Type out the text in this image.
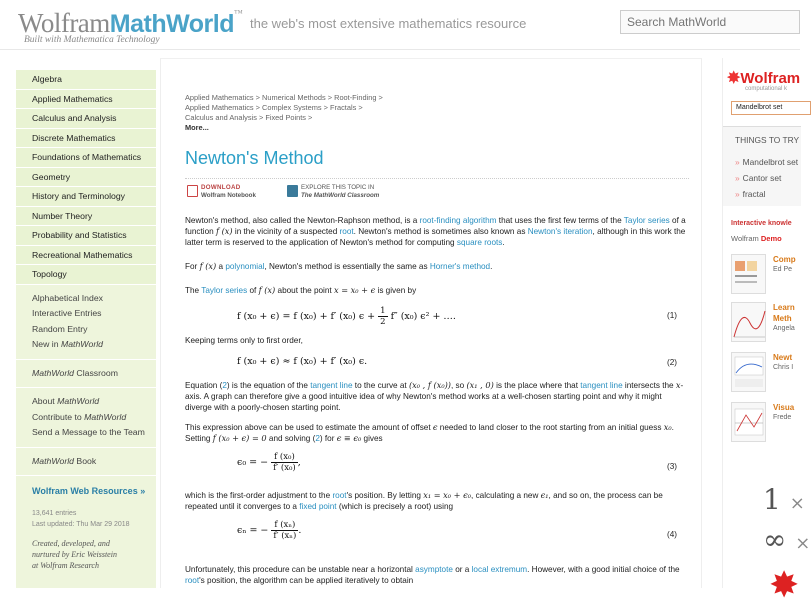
WolframMathWorld™
Built with Mathematica Technology
the web's most extensive mathematics resource
Search MathWorld
Algebra
Applied Mathematics
Calculus and Analysis
Discrete Mathematics
Foundations of Mathematics
Geometry
History and Terminology
Number Theory
Probability and Statistics
Recreational Mathematics
Topology
Alphabetical Index
Interactive Entries
Random Entry
New in MathWorld
MathWorld Classroom
About MathWorld
Contribute to MathWorld
Send a Message to the Team
MathWorld Book
Wolfram Web Resources »
13,641 entries
Last updated: Thu Mar 29 2018
Created, developed, and
nurtured by Eric Weisstein
at Wolfram Research
Applied Mathematics > Numerical Methods > Root-Finding >
Applied Mathematics > Complex Systems > Fractals >
Calculus and Analysis > Fixed Points >
More...
Newton's Method
DOWNLOAD
Wolfram Notebook
EXPLORE THIS TOPIC IN
The MathWorld Classroom
Newton's method, also called the Newton-Raphson method, is a root-finding algorithm that uses the first few terms of the Taylor series of a function f (x) in the vicinity of a suspected root. Newton's method is sometimes also known as Newton's iteration, although in this work the latter term is reserved to the application of Newton's method for computing square roots.
For f (x) a polynomial, Newton's method is essentially the same as Horner's method.
The Taylor series of f (x) about the point x = x₀ + ϵ is given by
f (x₀ + ϵ) = f (x₀) + f′ (x₀) $\epsilon + \frac{1}{2} f''$ (x₀) ϵ² + ….	(1)
Keeping terms only to first order,
f (x₀ + ϵ) ≈ f (x₀) + f′ (x₀) ϵ.	(2)
Equation (2) is the equation of the tangent line to the curve at (x₀ , f (x₀)), so (x₁ , 0) is the place where that tangent line intersects the x-axis. A graph can therefore give a good intuitive idea of why Newton's method works at a well-chosen starting point and why it might diverge with a poorly-chosen starting point.
This expression above can be used to estimate the amount of offset ϵ needed to land closer to the root starting from an initial guess x₀. Setting f (x₀ + ϵ) = 0 and solving (2) for ϵ ≡ ϵ₀ gives
ϵ₀ = − $\frac{\text{f (x₀)}}{\text{f′ (x₀)}}$ ,	(3)
which is the first-order adjustment to the root's position. By letting x₁ = x₀ + ϵ₀, calculating a new ϵ₁, and so on, the process can be repeated until it converges to a fixed point (which is precisely a root) using
ϵₙ = − $\frac{\text{f (xₙ)}}{\text{f′ (xₙ)}}$ .	(4)
Unfortunately, this procedure can be unstable near a horizontal asymptote or a local extremum. However, with a good initial choice of the root's position, the algorithm can be applied iteratively to obtain
✸Wolfram
computational k
Mandelbrot set
THINGS TO TRY
» Mandelbrot set
» Cantor set
» fractal
Interactive knowle
Wolfram Demo
Comp
Ed Pe
Learn
Meth
Angela
Newt
Chris I
Visua
Frede
1 ×
∞ ×
✸
